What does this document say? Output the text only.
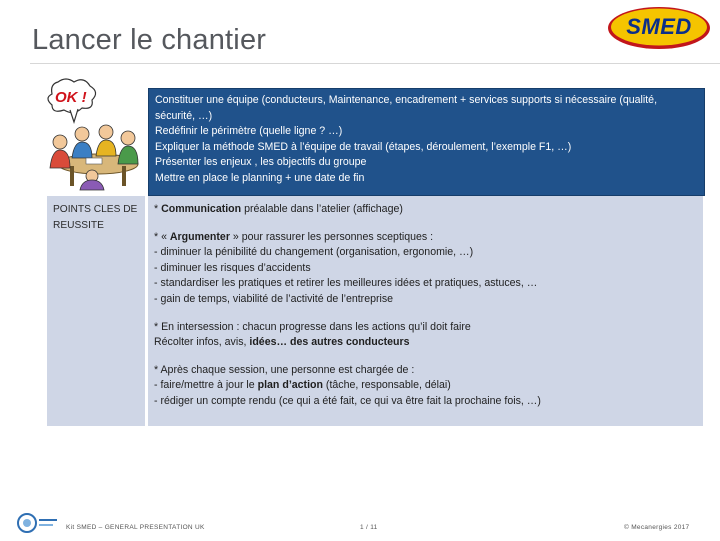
Lancer le chantier	SMED
OK !	Constituer une équipe (conducteurs, Maintenance, encadrement + services supports si nécessaire (qualité, sécurité, …)

Redéfinir le périmètre (quelle ligne ? …)

Expliquer la méthode SMED à l’équipe de travail (étapes, déroulement, l’exemple F1, …)

Présenter les enjeux , les objectifs du groupe

Mettre en place le planning + une date de fin

POINTS CLES DE REUSSITE

* Communication préalable dans l’atelier (affichage)

* « Argumenter » pour rassurer les personnes sceptiques :

- diminuer la pénibilité du changement (organisation, ergonomie, …)

- diminuer les risques d’accidents

- standardiser les pratiques et retirer les meilleures idées et pratiques, astuces, …

- gain de temps, viabilité de l’activité de l’entreprise

* En intersession : chacun progresse dans les actions qu’il doit faire

Récolter infos, avis, idées… des autres conducteurs

* Après chaque session, une personne est chargée de :

- faire/mettre à jour le plan d’action (tâche, responsable, délai)

- rédiger un compte rendu (ce qui a été fait, ce qui va être fait la prochaine fois, …)

Kit SMED – GENERAL PRESENTATION UK	1 / 11	© Mecanergies 2017
